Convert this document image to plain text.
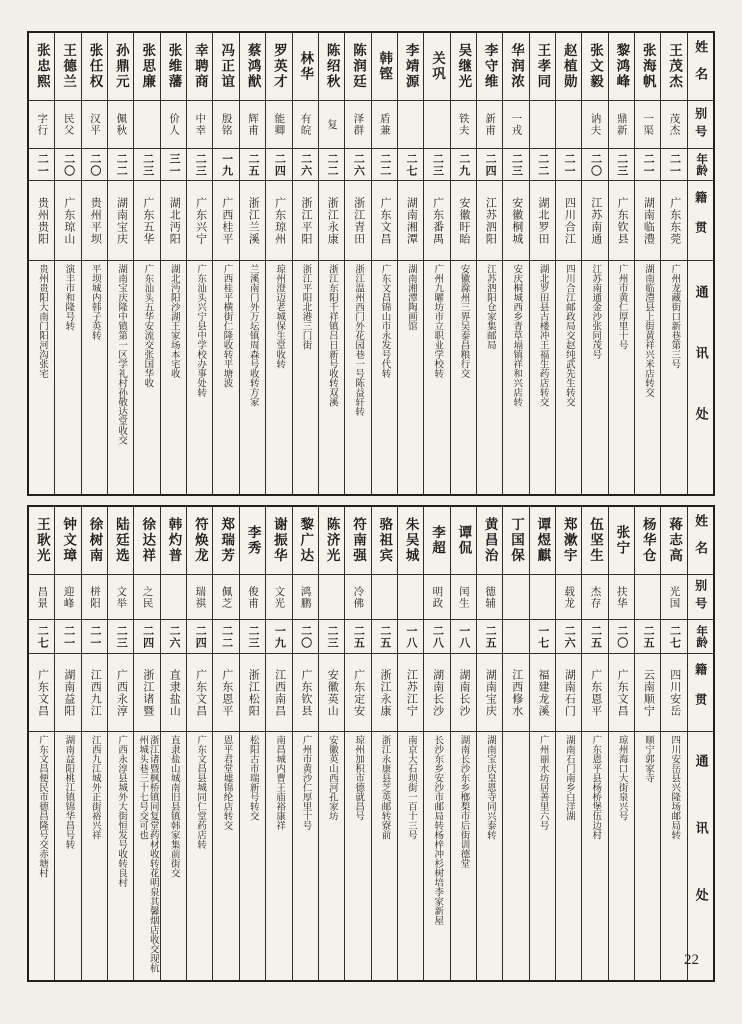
姓名
别号
年龄
籍贯
通讯处
王茂杰
茂杰
二一
广东东莞
广州龙藏街口新巷第三号
张海帆
一渠
二一
湖南临澧
湖南临澧县上街黄祥兴米店转交
黎鸿峰
鼎新
二三
广东钦县
广州市黄仁厚里十号
张文毅
讷夫
二〇
江苏南通
江苏南通金沙张同茂号
赵植勋
二一
四川合江
四川合江邮政局交赵纯武先生转交
王孝同
二二
湖北罗田
湖北罗田县古楼冲王福生药店转交
华润浓
一戎
二三
安徽桐城
安庆桐城西乡青草塥镇祥和兴店转
李守维
新甫
二四
江苏泗阳
江苏泗阳仓家集邮局
吴继光
铁夫
二九
安徽盱眙
安徽滁州三界吴泰昌粮行交
关巩
二三
广东番禺
广州九曜坊市立职业学校转
李靖源
二七
湖南湘潭
湖南湘潭陶画馆
韩铿
盾兼
二二
广东文昌
广东文昌锦山市永发号代转
陈润廷
泽群
二六
浙江青田
浙江温州西门外花园巷一号陈益轩转
陈绍秋
复
二二
浙江永康
浙江东阳千祥镇吕日新号收转双溪
林华
有皖
二六
浙江平阳
浙江平阳北港三门街
罗英才
能卿
二四
广东琼州
琼州澄迈老城保生堂收转
蔡鸿猷
辉甫
二五
浙江兰溪
兰溪南门外万坛镇周森号收转方家
冯正谊
殷铭
一九
广西桂平
广西桂平横街仁隆收转平塘波
幸聘商
中幸
二三
广东兴宁
广东汕头兴宁县中学校办事处转
张维藩
价人
三一
湖北沔阳
湖北沔阳沙湖王家场本宅收
张思廉
二三
广东五华
广东汕头五华安流交张国华收
孙鼎元
佩秋
二二
湖南宝庆
湖南宝庆隆中镇第一区学礼村孙敬达堂收交
张任权
汉平
二〇
贵州平坝
平坝城内韩子英转
王德兰
民父
二〇
广东琼山
演丰市和隆号转
张忠熙
字行
二一
贵州贵阳
贵州贵阳大南门阳河沟张宅
姓名
别号
年龄
籍贯
通讯处
蒋志高
光国
二七
四川安岳
四川安岳县兴隆场邮局转
杨华仓
二五
云南顺宁
顺宁郭家寺
张宁
扶华
二〇
广东文昌
琼州海口大街泉兴号
伍坚生
杰存
二五
广东恩平
广东恩平县杨桥堡伍边村
郑漱宇
载龙
二六
湖南石门
湖南石门南乡白洋湖
谭煜麒
一七
福建龙溪
广州丽水坊居善里六号
丁国保
江西修水
黄昌治
德辅
二五
湖南宝庆
湖南宝庆皇恩寺同兴泰转
谭侃
闰生
一八
湖南长沙
湖南长沙东乡榔梨市后街训德堂
李超
明政
二八
湖南长沙
长沙东乡安沙市邮局转杨梓冲杉树培李家新屋
朱吴城
一八
江苏江宁
南京大石坝街一百十三号
骆祖宾
二五
浙江永康
浙江永康县芝英邮转寮前
符南强
冷佛
二五
广东定安
琼州加积市德就昌号
陈济光
二三
安徽英山
安徽英山西河孔家坊
黎广达
鸿鹏
二〇
广东钦县
广州市黄沙仁厚里十号
谢振华
文光
一九
江西南昌
南昌城内曹王庙裕康祥
李秀
俊甫
二三
浙江松阳
松阳古市瑞新号转交
郑瑞芳
佩芝
二二
广东恩平
恩平君堂墟锦纶店转交
符焕龙
瑞祺
二四
广东文昌
广东文昌县城同仁堂药店转
韩灼普
二六
直隶盐山
直隶盐山城南旧县镇韩家集前街交
徐达祥
之民
二四
浙江诸暨
浙江诸暨枫桥镇同复堂药材收转花明泉其馨烟店收交现杭州城头巷三十七号交可也
陆廷选
文举
二三
广西永淳
广西永淳县城外大街恒发号收转良村
徐树南
栟阳
二一
江西九江
江西九江城外正街裕兴祥
钟文璋
迎峰
二一
湖南益阳
湖南益阳桃江镇锦华昌号转
王耿光
昌景
二七
广东文昌
广东文昌便民市德昌隆号交赤塘村
22
